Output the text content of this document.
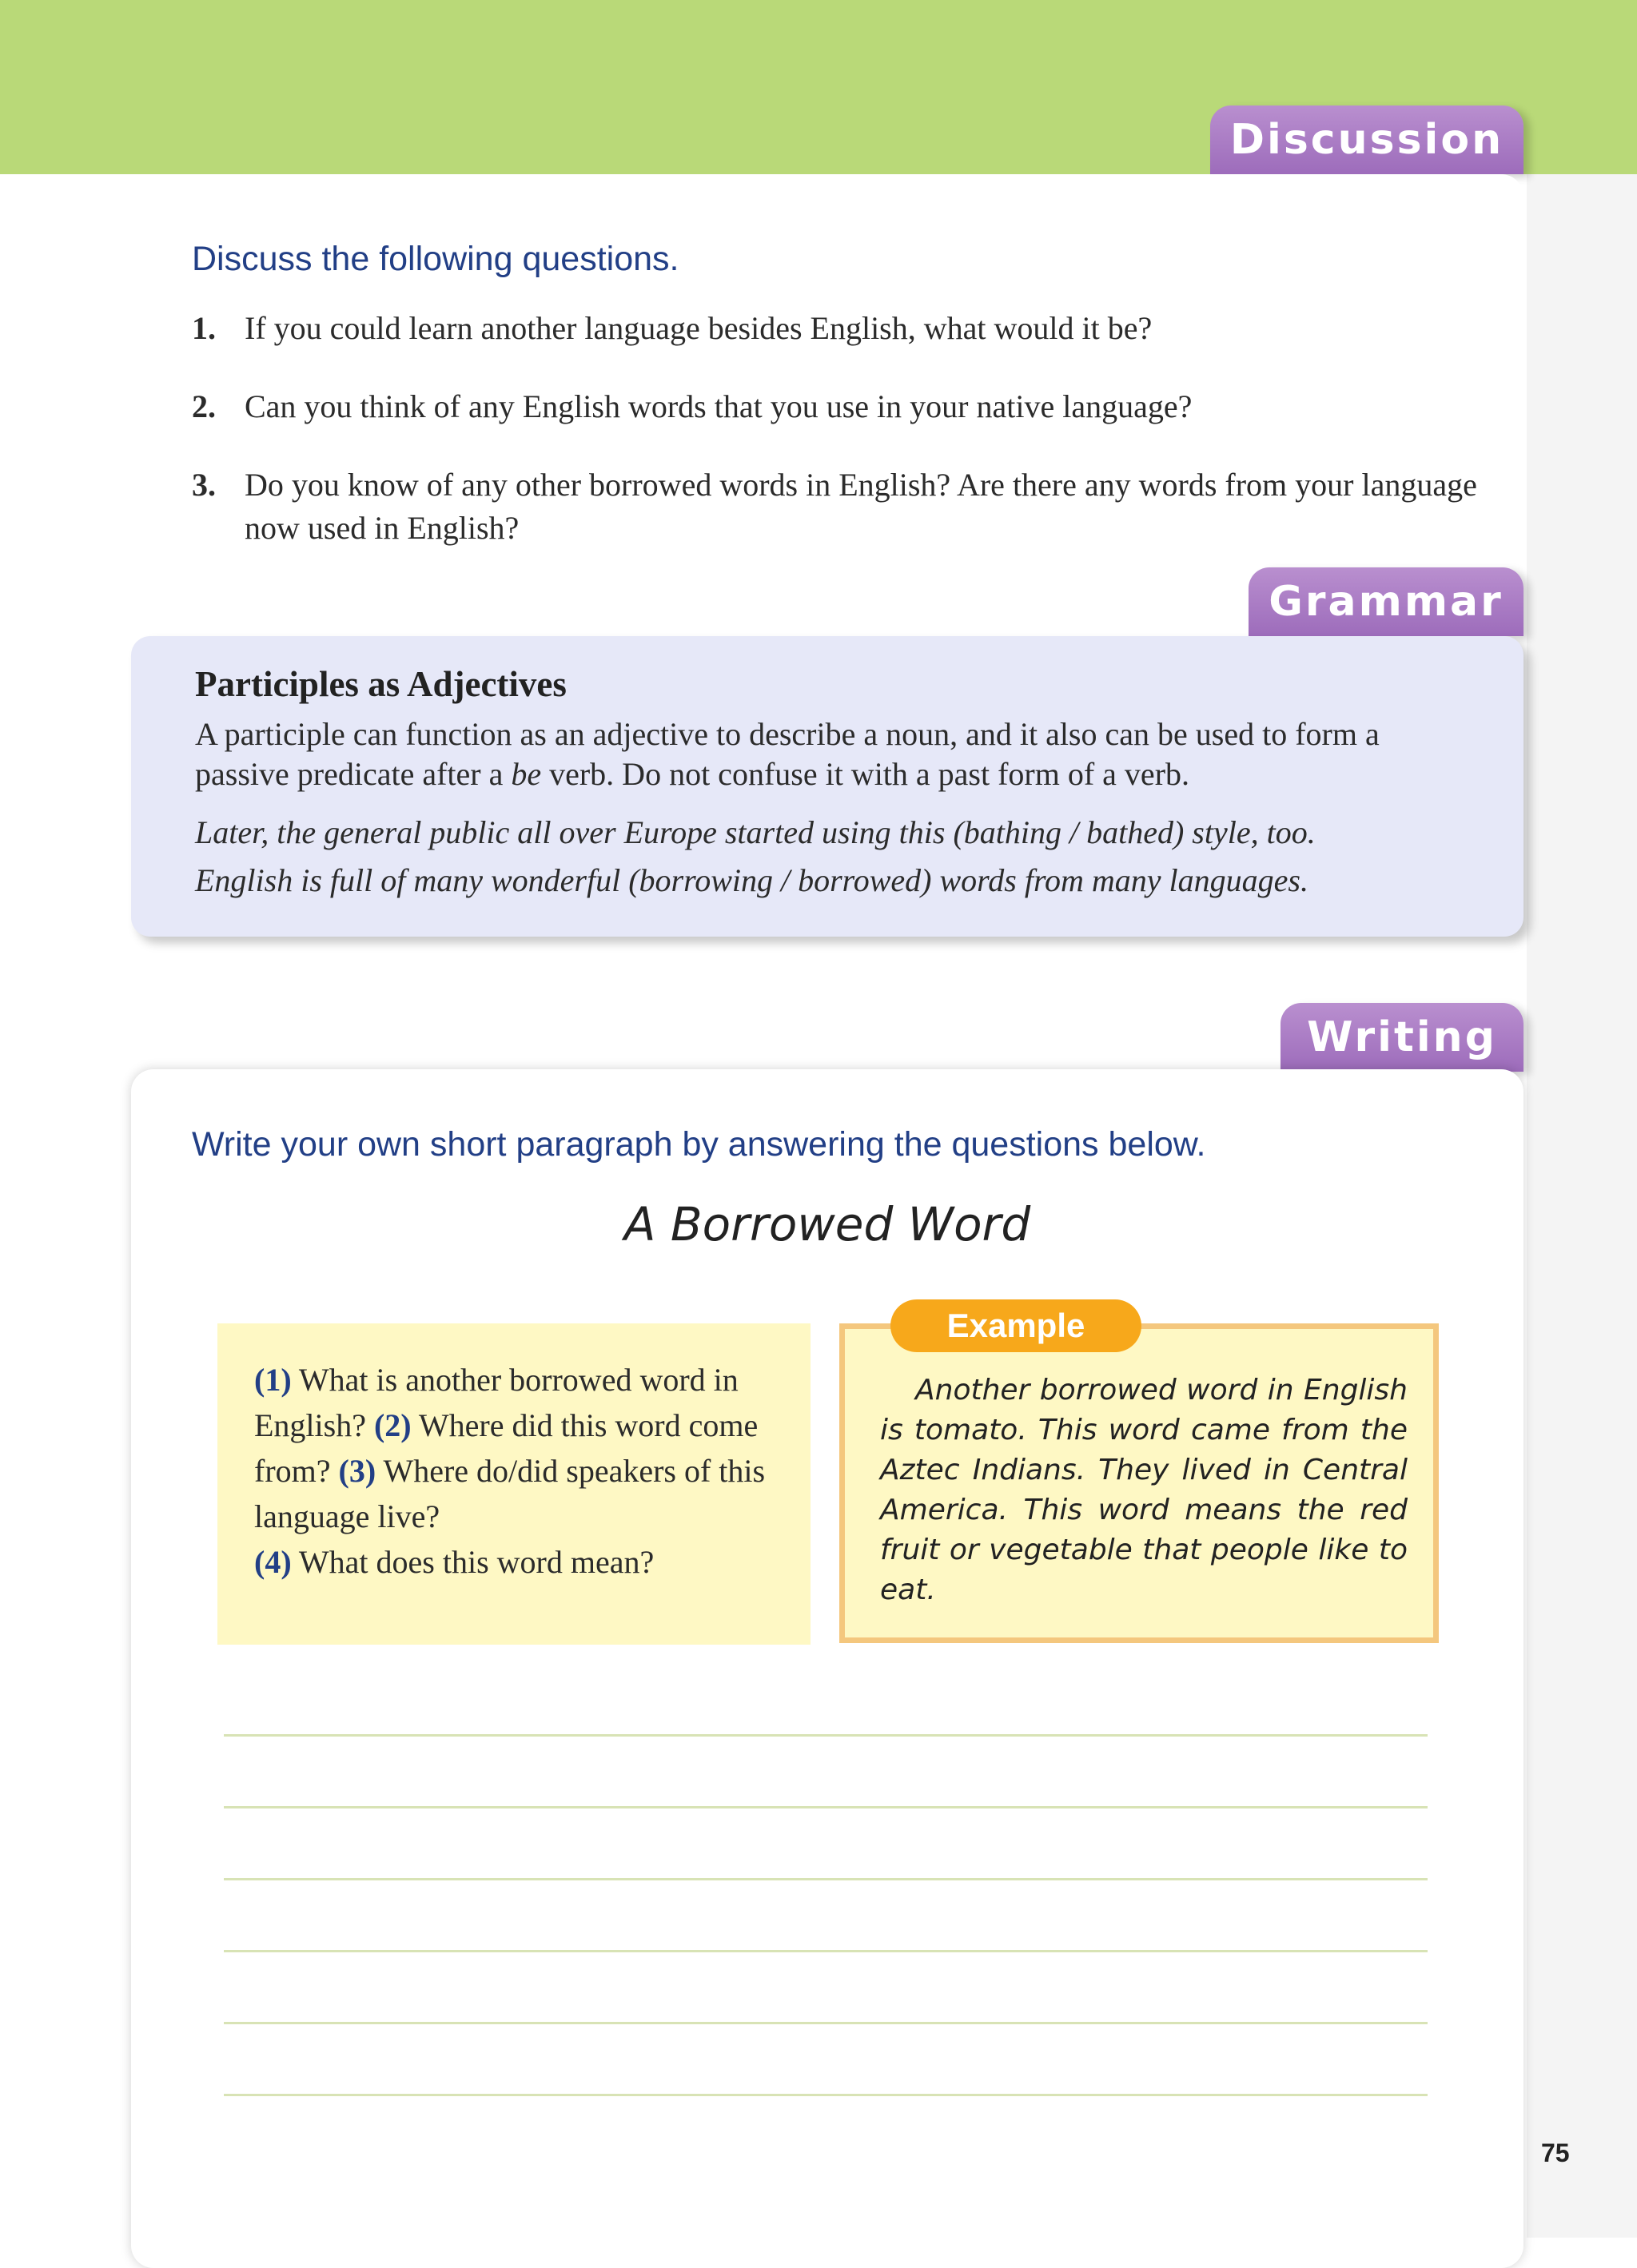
Discussion
Discuss the following questions.
1. If you could learn another language besides English, what would it be?
2. Can you think of any English words that you use in your native language?
3. Do you know of any other borrowed words in English? Are there any words from your language now used in English?
Grammar
Participles as Adjectives
A participle can function as an adjective to describe a noun, and it also can be used to form a passive predicate after a be verb. Do not confuse it with a past form of a verb.
Later, the general public all over Europe started using this (bathing / bathed) style, too.
English is full of many wonderful (borrowing / borrowed) words from many languages.
Writing
Write your own short paragraph by answering the questions below.
A Borrowed Word
(1) What is another borrowed word in English? (2) Where did this word come from? (3) Where do/did speakers of this language live?
(4) What does this word mean?
Another borrowed word in English is tomato. This word came from the Aztec Indians. They lived in Central America. This word means the red fruit or vegetable that people like to eat.
Example
75
